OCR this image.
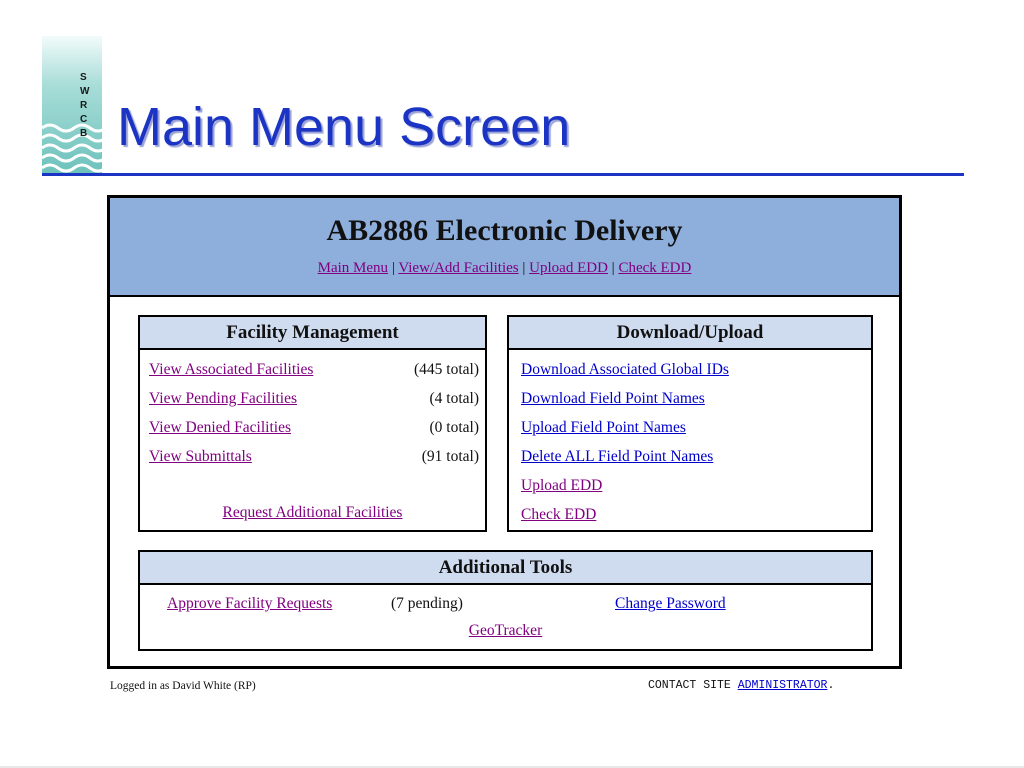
S
W
R
C
B Main Menu Screen
AB2886 Electronic Delivery
Main Menu | View/Add Facilities | Upload EDD | Check EDD
Facility Management
View Associated Facilities	(445 total)
View Pending Facilities	(4 total)
View Denied Facilities	(0 total)
View Submittals	(91 total)
Request Additional Facilities
Download/Upload
Download Associated Global IDs
Download Field Point Names
Upload Field Point Names
Delete ALL Field Point Names
Upload EDD
Check EDD
Additional Tools
Approve Facility Requests	(7 pending)	Change Password
GeoTracker
Logged in as David White (RP)	CONTACT SITE ADMINISTRATOR.
